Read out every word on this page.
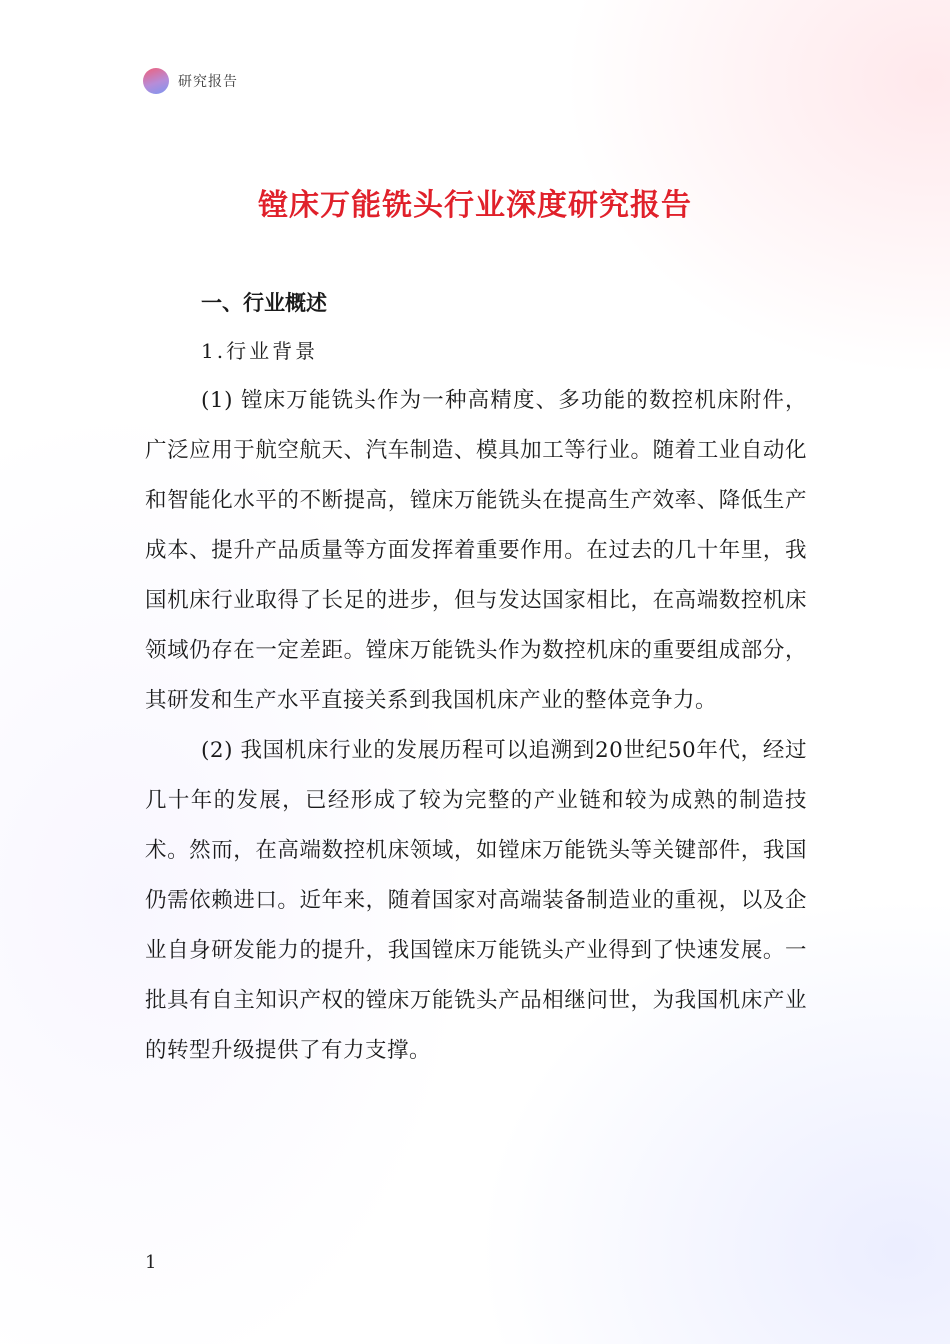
研究报告
镗床万能铣头行业深度研究报告
一、行业概述
1.行业背景

(1) 镗床万能铣头作为一种高精度、多功能的数控机床附件，广泛应用于航空航天、汽车制造、模具加工等行业。随着工业自动化和智能化水平的不断提高，镗床万能铣头在提高生产效率、降低生产成本、提升产品质量等方面发挥着重要作用。在过去的几十年里，我国机床行业取得了长足的进步，但与发达国家相比，在高端数控机床领域仍存在一定差距。镗床万能铣头作为数控机床的重要组成部分，其研发和生产水平直接关系到我国机床产业的整体竞争力。

(2) 我国机床行业的发展历程可以追溯到20世纪50年代，经过几十年的发展，已经形成了较为完整的产业链和较为成熟的制造技术。然而，在高端数控机床领域，如镗床万能铣头等关键部件，我国仍需依赖进口。近年来，随着国家对高端装备制造业的重视，以及企业自身研发能力的提升，我国镗床万能铣头产业得到了快速发展。一批具有自主知识产权的镗床万能铣头产品相继问世，为我国机床产业的转型升级提供了有力支撑。

1
